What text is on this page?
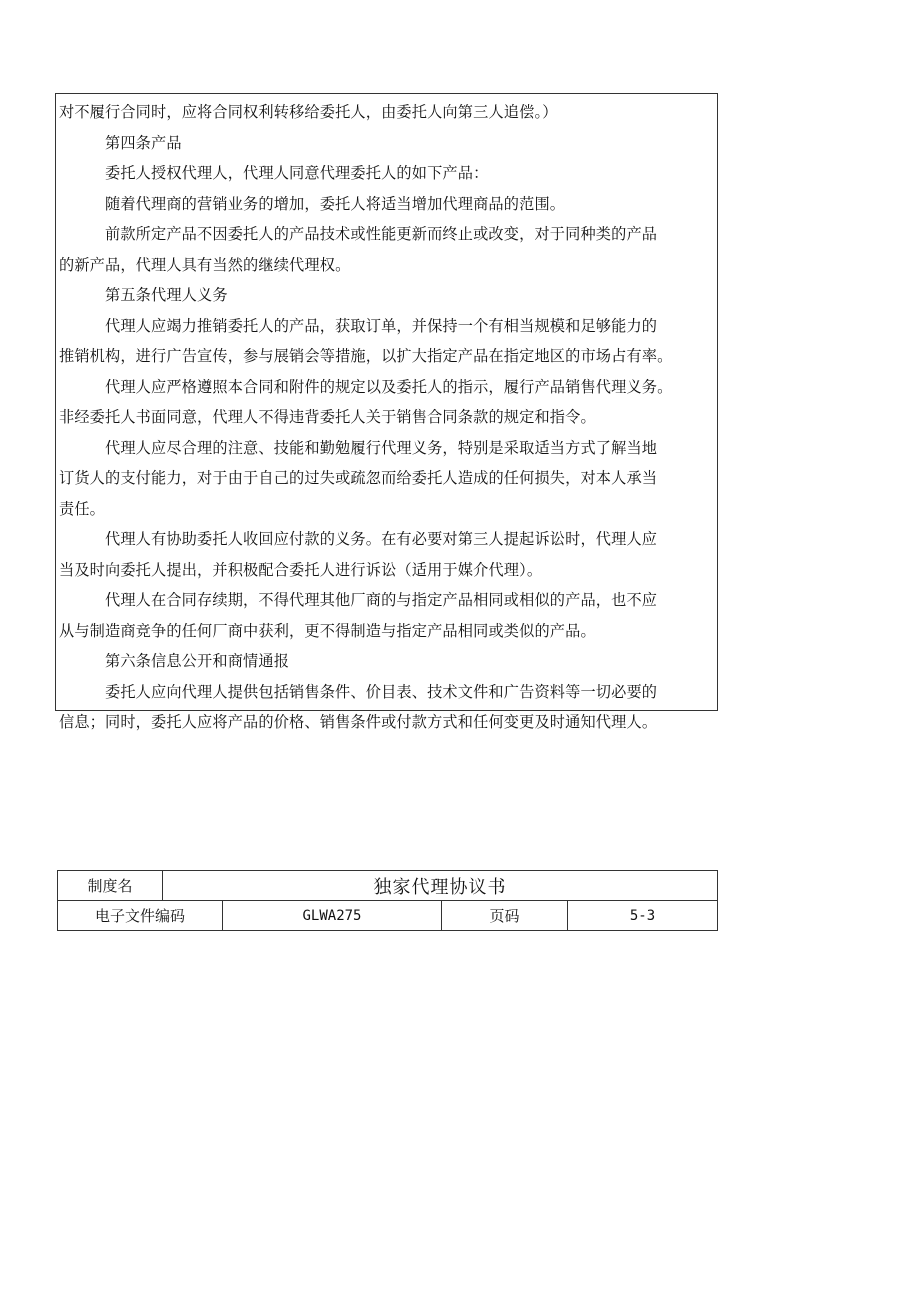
对不履行合同时，应将合同权利转移给委托人，由委托人向第三人追偿。）

第四条产品

委托人授权代理人，代理人同意代理委托人的如下产品：

随着代理商的营销业务的增加，委托人将适当增加代理商品的范围。

前款所定产品不因委托人的产品技术或性能更新而终止或改变，对于同种类的产品

的新产品，代理人具有当然的继续代理权。

第五条代理人义务

代理人应竭力推销委托人的产品，获取订单，并保持一个有相当规模和足够能力的

推销机构，进行广告宣传，参与展销会等措施，以扩大指定产品在指定地区的市场占有率。

代理人应严格遵照本合同和附件的规定以及委托人的指示，履行产品销售代理义务。

非经委托人书面同意，代理人不得违背委托人关于销售合同条款的规定和指令。

代理人应尽合理的注意、技能和勤勉履行代理义务，特别是采取适当方式了解当地

订货人的支付能力，对于由于自己的过失或疏忽而给委托人造成的任何损失，对本人承当

责任。

代理人有协助委托人收回应付款的义务。在有必要对第三人提起诉讼时，代理人应

当及时向委托人提出，并积极配合委托人进行诉讼（适用于媒介代理）。

代理人在合同存续期，不得代理其他厂商的与指定产品相同或相似的产品，也不应

从与制造商竞争的任何厂商中获利，更不得制造与指定产品相同或类似的产品。

第六条信息公开和商情通报

委托人应向代理人提供包括销售条件、价目表、技术文件和广告资料等一切必要的

信息；同时，委托人应将产品的价格、销售条件或付款方式和任何变更及时通知代理人。

制度名	独家代理协议书			
电子文件编码		GLWA275	页码	5-3
